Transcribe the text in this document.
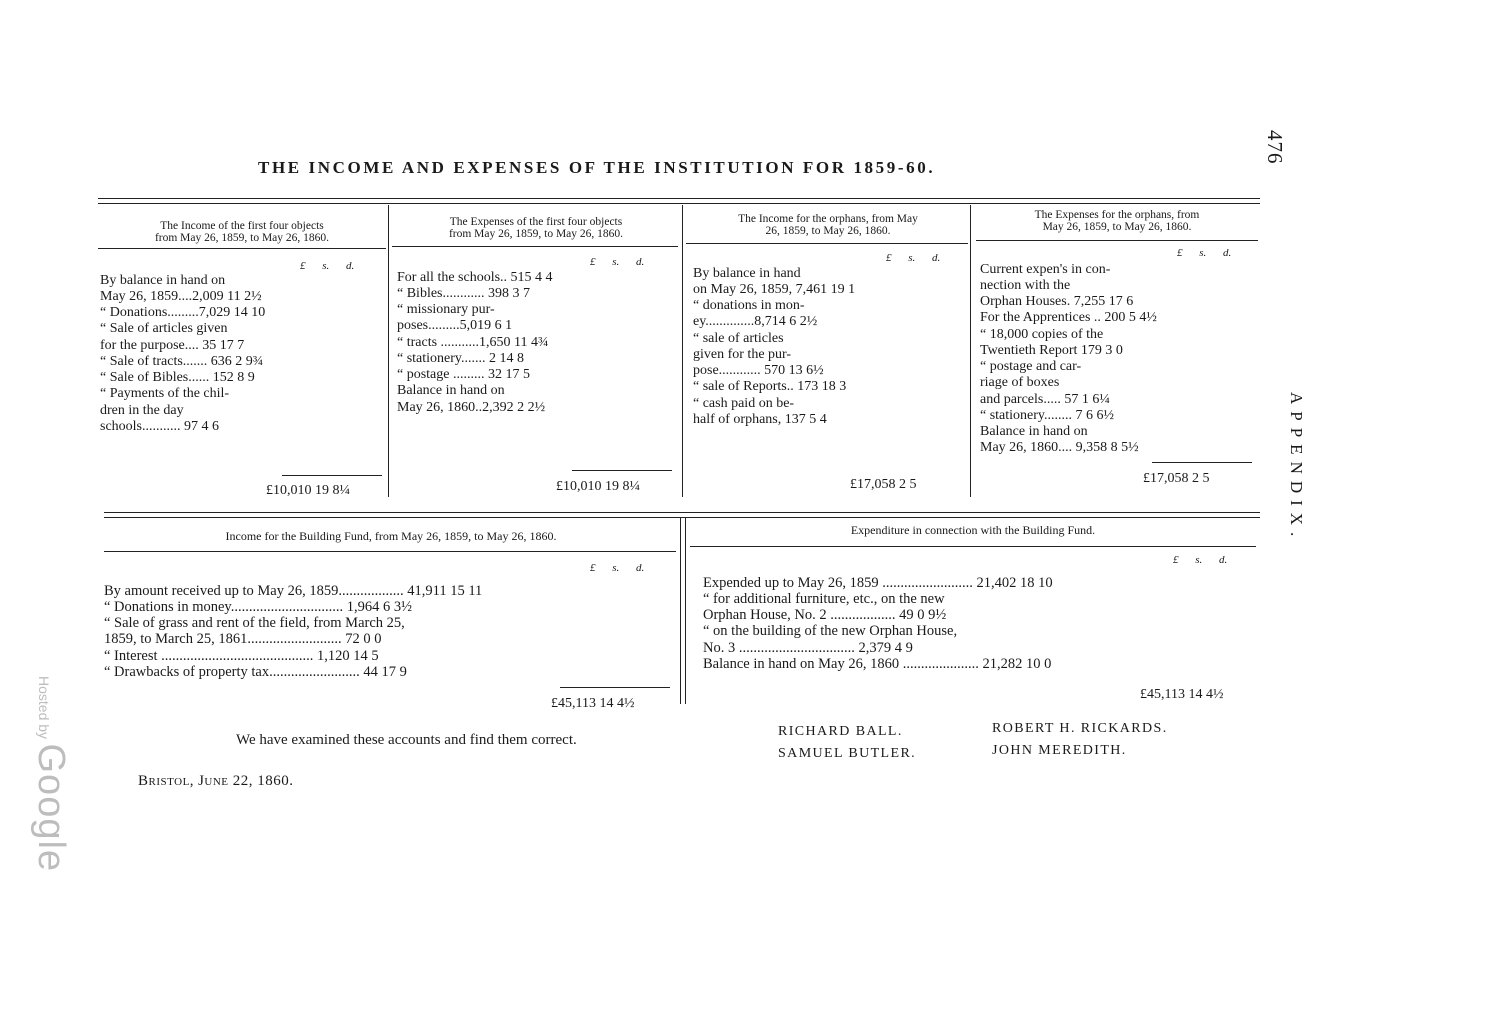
THE INCOME AND EXPENSES OF THE INSTITUTION FOR 1859-60.
476
APPENDIX.
Hosted by Google
The Income of the first four objects
from May 26, 1859, to May 26, 1860.
The Expenses of the first four objects
from May 26, 1859, to May 26, 1860.
The Income for the orphans, from May
26, 1859, to May 26, 1860.
The Expenses for the orphans, from
May 26, 1859, to May 26, 1860.
£ s. d.	£ s. d.	£ s. d.	£ s. d.
By balance in hand on
May 26, 1859....2,009 11 2½
“ Donations.........7,029 14 10
“ Sale of articles given
for the purpose.... 35 17 7
“ Sale of tracts....... 636 2 9¾
“ Sale of Bibles...... 152 8 9
“ Payments of the chil-
dren in the day
schools........... 97 4 6
£10,010 19 8¼
For all the schools.. 515 4 4
“ Bibles............ 398 3 7
“ missionary pur-
poses.........5,019 6 1
“ tracts ...........1,650 11 4¾
“ stationery....... 2 14 8
“ postage ......... 32 17 5
Balance in hand on
May 26, 1860..2,392 2 2½
£10,010 19 8¼
By balance in hand
on May 26, 1859, 7,461 19 1
“ donations in mon-
ey..............8,714 6 2½
“ sale of articles
given for the pur-
pose............ 570 13 6½
“ sale of Reports.. 173 18 3
“ cash paid on be-
half of orphans, 137 5 4
£17,058 2 5
Current expen's in con-
nection with the
Orphan Houses. 7,255 17 6
For the Apprentices .. 200 5 4½
“ 18,000 copies of the
Twentieth Report 179 3 0
“ postage and car-
riage of boxes
and parcels..... 57 1 6¼
“ stationery........ 7 6 6½
Balance in hand on
May 26, 1860.... 9,358 8 5½
£17,058 2 5
Income for the Building Fund, from May 26, 1859, to May 26, 1860.	Expenditure in connection with the Building Fund.
£ s. d.
£ s. d.
By amount received up to May 26, 1859.................. 41,911 15 11
“ Donations in money............................... 1,964 6 3½
“ Sale of grass and rent of the field, from March 25,
1859, to March 25, 1861.......................... 72 0 0
“ Interest .......................................... 1,120 14 5
“ Drawbacks of property tax......................... 44 17 9
£45,113 14 4½
Expended up to May 26, 1859 ......................... 21,402 18 10
“ for additional furniture, etc., on the new
Orphan House, No. 2 .................. 49 0 9½
“ on the building of the new Orphan House,
No. 3 ................................ 2,379 4 9
Balance in hand on May 26, 1860 ..................... 21,282 10 0
£45,113 14 4½
We have examined these accounts and find them correct.
RICHARD BALL.
SAMUEL BUTLER.
ROBERT H. RICKARDS.
JOHN MEREDITH.
Bristol, June 22, 1860.
